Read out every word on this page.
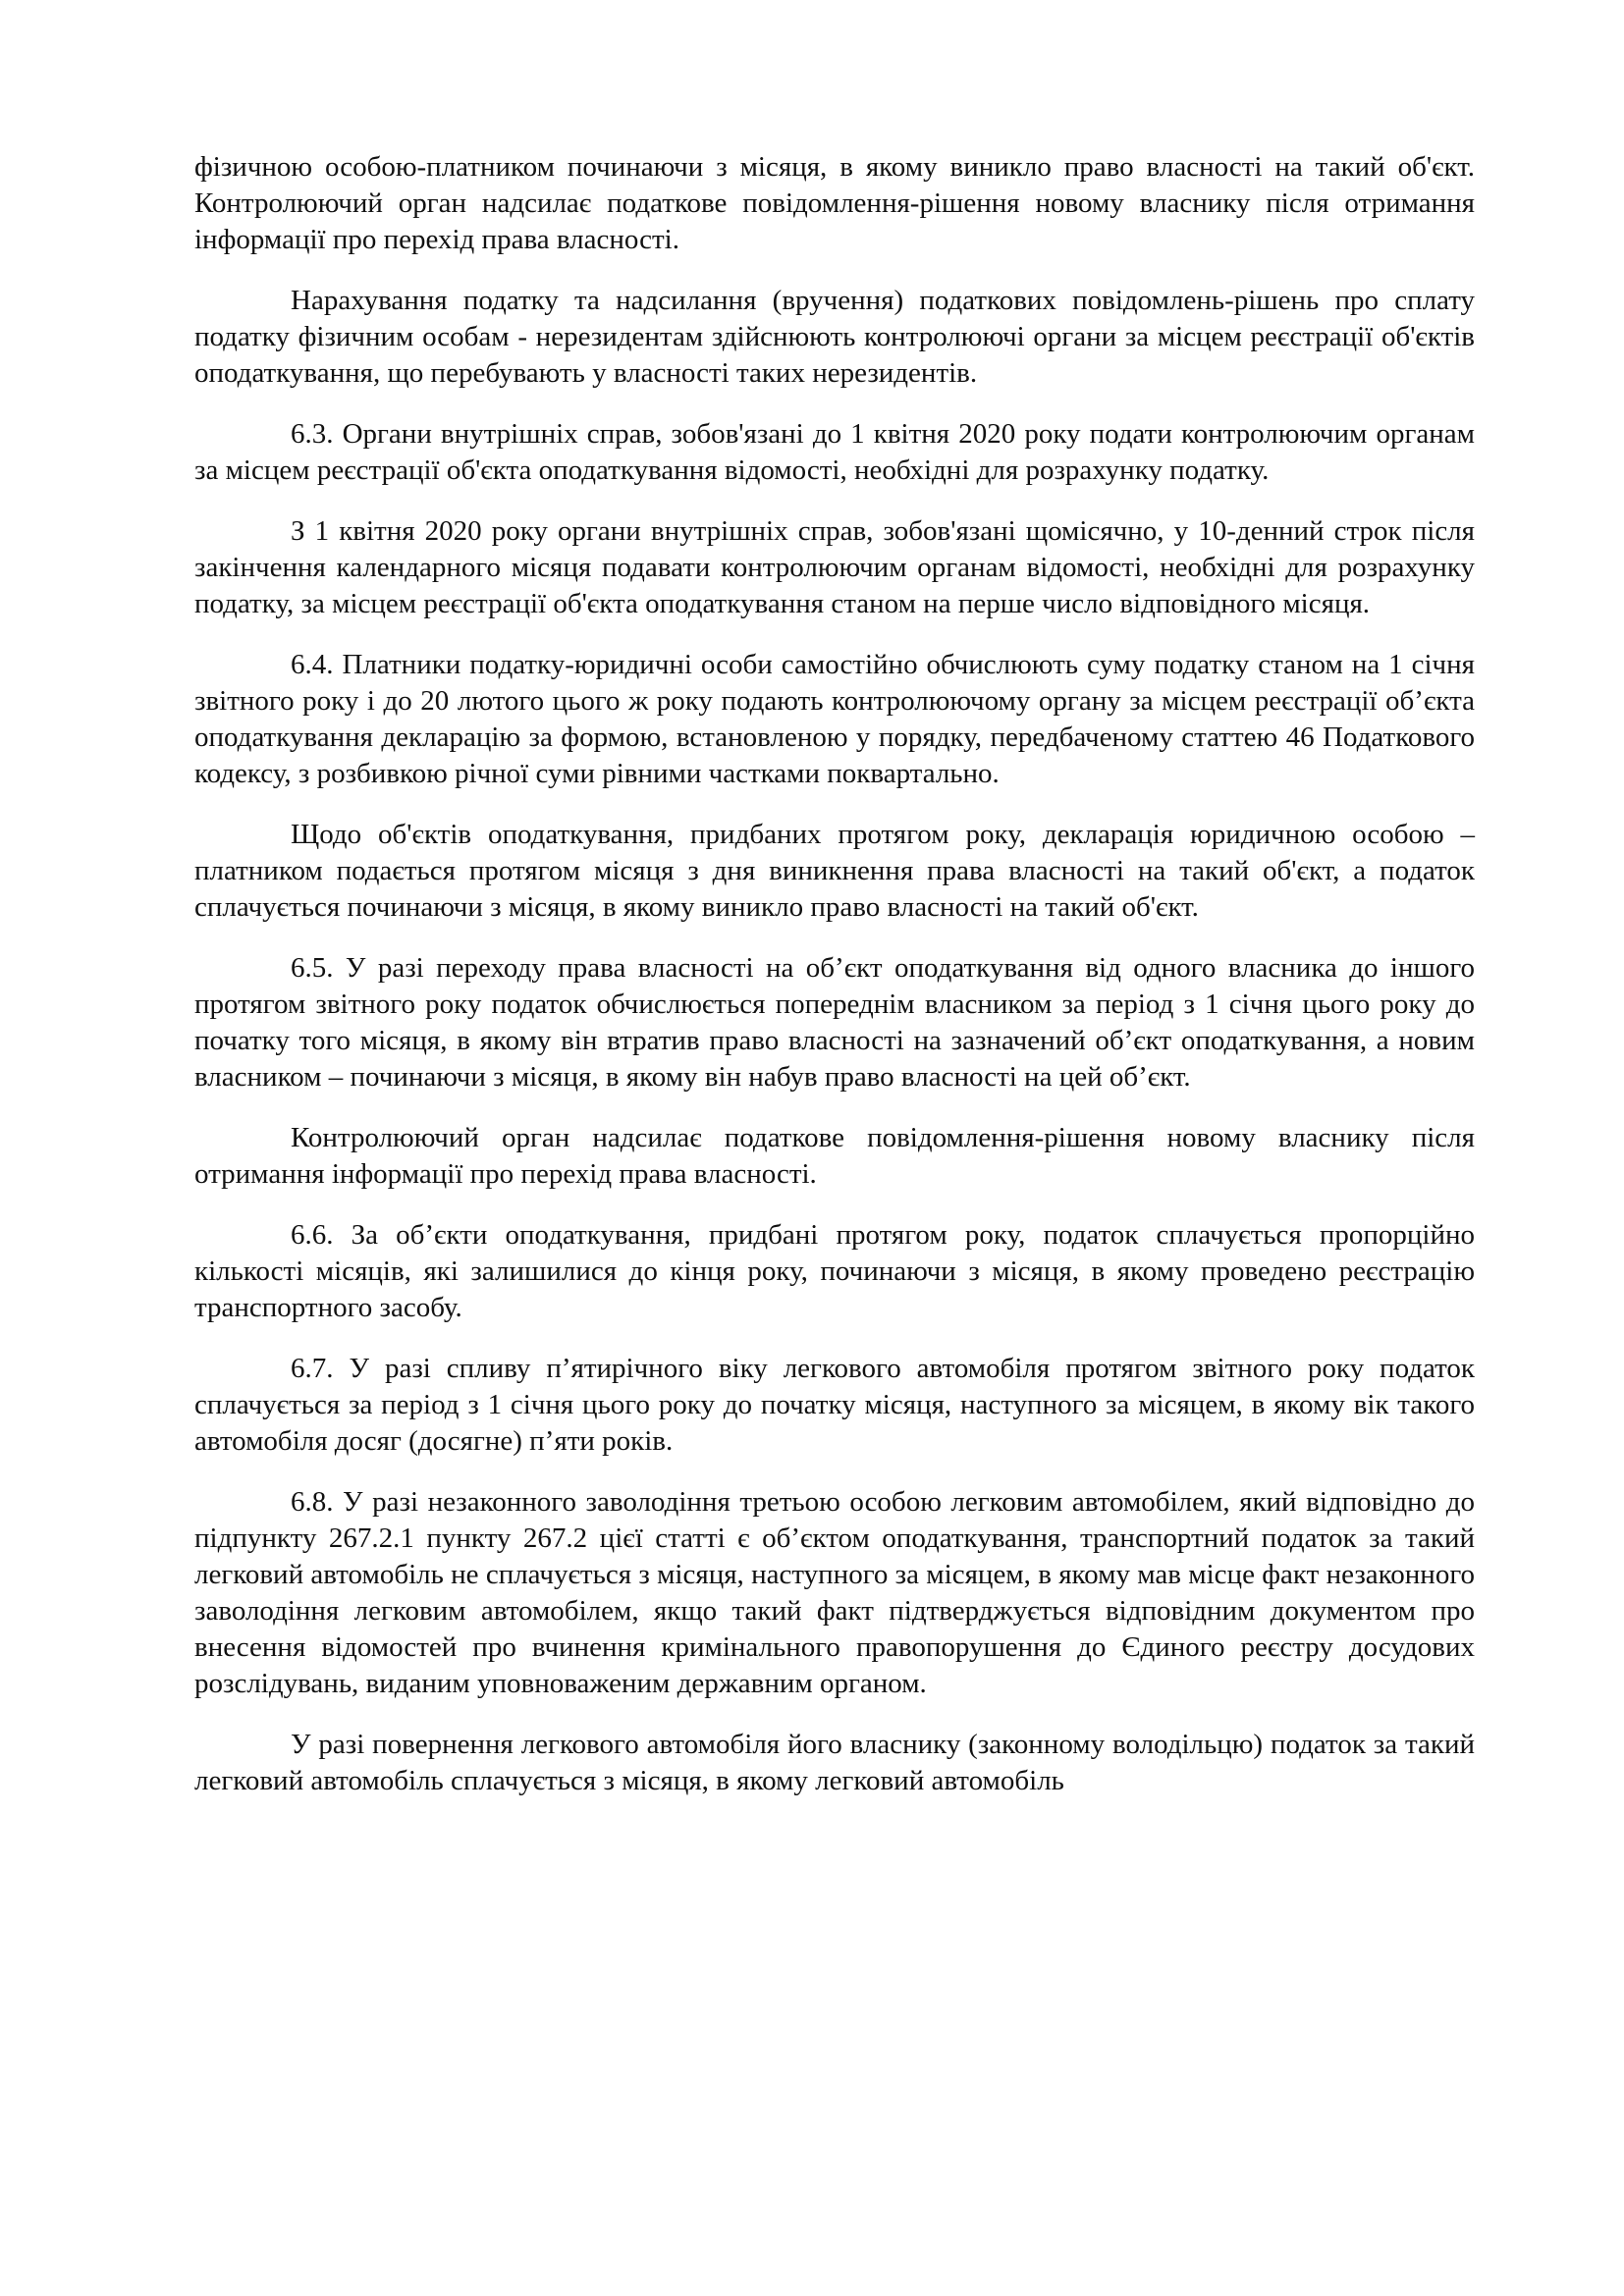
фізичною особою-платником починаючи з місяця, в якому виникло право власності на такий об'єкт. Контролюючий орган надсилає податкове повідомлення-рішення новому власнику після отримання інформації про перехід права власності.

Нарахування податку та надсилання (вручення) податкових повідомлень-рішень про сплату податку фізичним особам - нерезидентам здійснюють контролюючі органи за місцем реєстрації об'єктів оподаткування, що перебувають у власності таких нерезидентів.

6.3. Органи внутрішніх справ, зобов'язані до 1 квітня 2020 року подати контролюючим органам за місцем реєстрації об'єкта оподаткування відомості, необхідні для розрахунку податку.

З 1 квітня 2020 року органи внутрішніх справ, зобов'язані щомісячно, у 10-денний строк після закінчення календарного місяця подавати контролюючим органам відомості, необхідні для розрахунку податку, за місцем реєстрації об'єкта оподаткування станом на перше число відповідного місяця.

6.4. Платники податку-юридичні особи самостійно обчислюють суму податку станом на 1 січня звітного року і до 20 лютого цього ж року подають контролюючому органу за місцем реєстрації об’єкта оподаткування декларацію за формою, встановленою у порядку, передбаченому статтею 46 Податкового кодексу, з розбивкою річної суми рівними частками поквартально.

Щодо об'єктів оподаткування, придбаних протягом року, декларація юридичною особою – платником подається протягом місяця з дня виникнення права власності на такий об'єкт, а податок сплачується починаючи з місяця, в якому виникло право власності на такий об'єкт.

6.5. У разі переходу права власності на об’єкт оподаткування від одного власника до іншого протягом звітного року податок обчислюється попереднім власником за період з 1 січня цього року до початку того місяця, в якому він втратив право власності на зазначений об’єкт оподаткування, а новим власником – починаючи з місяця, в якому він набув право власності на цей об’єкт.

Контролюючий орган надсилає податкове повідомлення-рішення новому власнику після отримання інформації про перехід права власності.

6.6. За об’єкти оподаткування, придбані протягом року, податок сплачується пропорційно кількості місяців, які залишилися до кінця року, починаючи з місяця, в якому проведено реєстрацію транспортного засобу.

6.7. У разі спливу п’ятирічного віку легкового автомобіля протягом звітного року податок сплачується за період з 1 січня цього року до початку місяця, наступного за місяцем, в якому вік такого автомобіля досяг (досягне) п’яти років.

6.8. У разі незаконного заволодіння третьою особою легковим автомобілем, який відповідно до підпункту 267.2.1 пункту 267.2 цієї статті є об’єктом оподаткування, транспортний податок за такий легковий автомобіль не сплачується з місяця, наступного за місяцем, в якому мав місце факт незаконного заволодіння легковим автомобілем, якщо такий факт підтверджується відповідним документом про внесення відомостей про вчинення кримінального правопорушення до Єдиного реєстру досудових розслідувань, виданим уповноваженим державним органом.

У разі повернення легкового автомобіля його власнику (законному володільцю) податок за такий легковий автомобіль сплачується з місяця, в якому легковий автомобіль
